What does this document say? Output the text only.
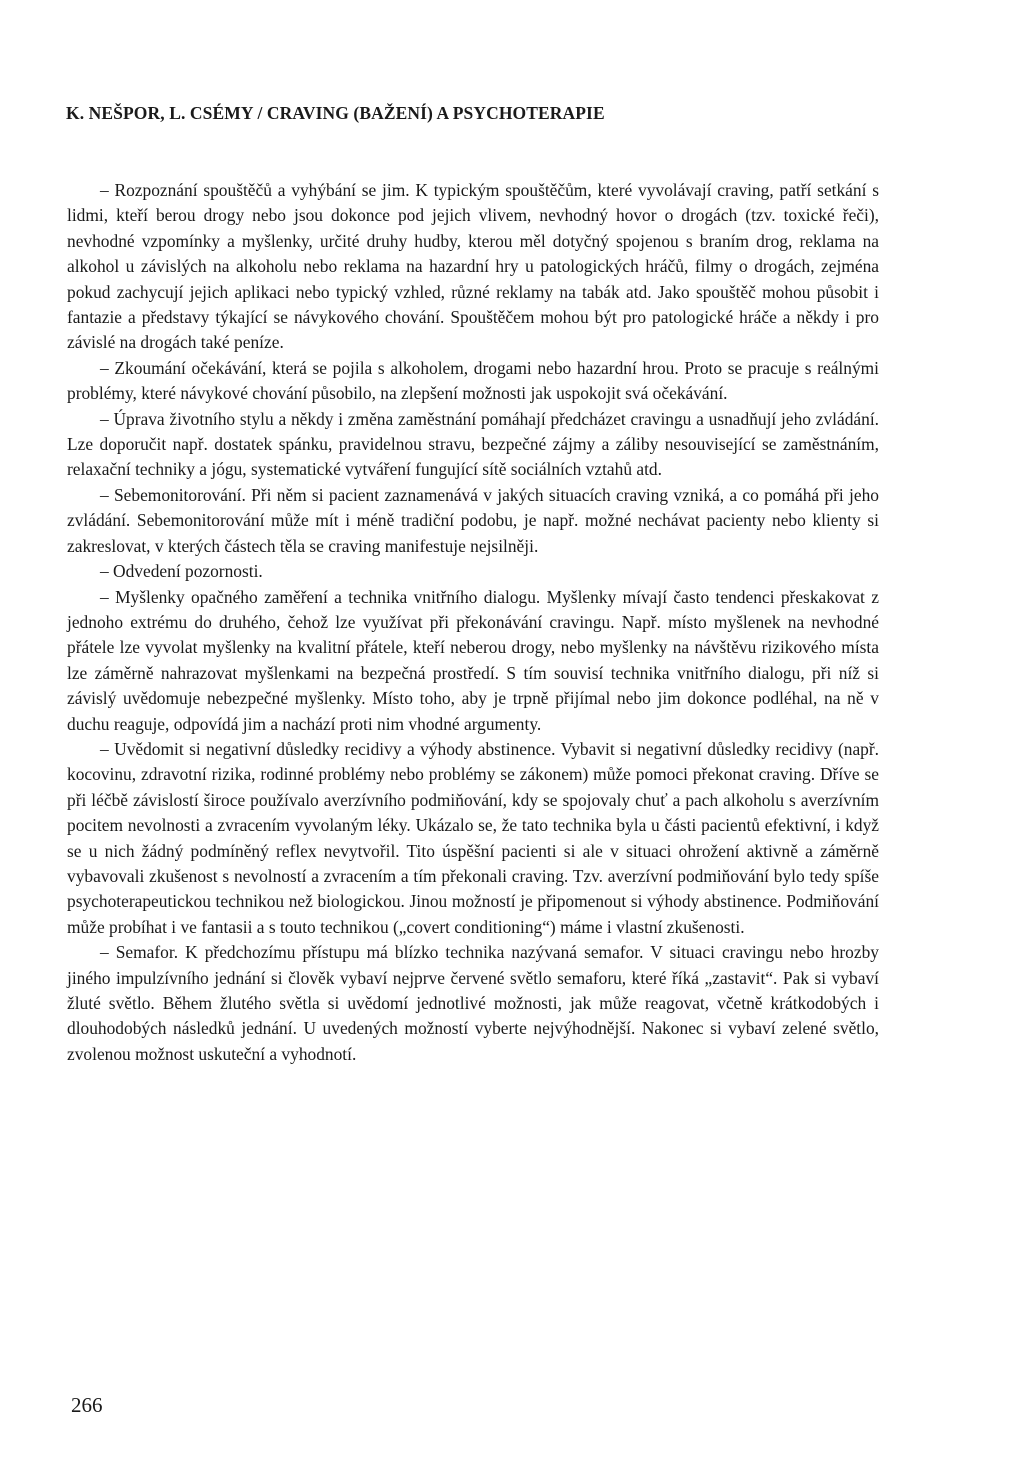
K. NEŠPOR, L. CSÉMY / CRAVING (BAŽENÍ) A PSYCHOTERAPIE

– Rozpoznání spouštěčů a vyhýbání se jim. K typickým spouštěčům, které vyvolávají craving, patří setkání s lidmi, kteří berou drogy nebo jsou dokonce pod jejich vlivem, nevhodný hovor o drogách (tzv. toxické řeči), nevhodné vzpomínky a myšlenky, určité druhy hudby, kterou měl dotyčný spojenou s braním drog, reklama na alkohol u závislých na alkoholu nebo reklama na hazardní hry u patologických hráčů, filmy o drogách, zejména pokud zachycují jejich aplikaci nebo typický vzhled, různé reklamy na tabák atd. Jako spouštěč mohou působit i fantazie a představy týkající se návykového chování. Spouštěčem mohou být pro patologické hráče a někdy i pro závislé na drogách také peníze.

– Zkoumání očekávání, která se pojila s alkoholem, drogami nebo hazardní hrou. Proto se pracuje s reálnými problémy, které návykové chování působilo, na zlepšení možnosti jak uspokojit svá očekávání.

– Úprava životního stylu a někdy i změna zaměstnání pomáhají předcházet cravingu a usnadňují jeho zvládání. Lze doporučit např. dostatek spánku, pravidelnou stravu, bezpečné zájmy a záliby nesouvisející se zaměstnáním, relaxační techniky a jógu, systematické vytváření fungující sítě sociálních vztahů atd.

– Sebemonitorování. Při něm si pacient zaznamenává v jakých situacích craving vzniká, a co pomáhá při jeho zvládání. Sebemonitorování může mít i méně tradiční podobu, je např. možné nechávat pacienty nebo klienty si zakreslovat, v kterých částech těla se craving manifestuje nejsilněji.

– Odvedení pozornosti.

– Myšlenky opačného zaměření a technika vnitřního dialogu. Myšlenky mívají často tendenci přeskakovat z jednoho extrému do druhého, čehož lze využívat při překonávání cravingu. Např. místo myšlenek na nevhodné přátele lze vyvolat myšlenky na kvalitní přátele, kteří neberou drogy, nebo myšlenky na návštěvu rizikového místa lze záměrně nahrazovat myšlenkami na bezpečná prostředí. S tím souvisí technika vnitřního dialogu, při níž si závislý uvědomuje nebezpečné myšlenky. Místo toho, aby je trpně přijímal nebo jim dokonce podléhal, na ně v duchu reaguje, odpovídá jim a nachází proti nim vhodné argumenty.

– Uvědomit si negativní důsledky recidivy a výhody abstinence. Vybavit si negativní důsledky recidivy (např. kocovinu, zdravotní rizika, rodinné problémy nebo problémy se zákonem) může pomoci překonat craving. Dříve se při léčbě závislostí široce používalo averzívního podmiňování, kdy se spojovaly chuť a pach alkoholu s averzívním pocitem nevolnosti a zvracením vyvolaným léky. Ukázalo se, že tato technika byla u části pacientů efektivní, i když se u nich žádný podmíněný reflex nevytvořil. Tito úspěšní pacienti si ale v situaci ohrožení aktivně a záměrně vybavovali zkušenost s nevolností a zvracením a tím překonali craving. Tzv. averzívní podmiňování bylo tedy spíše psychoterapeutickou technikou než biologickou. Jinou možností je připomenout si výhody abstinence. Podmiňování může probíhat i ve fantasii a s touto technikou („covert conditioning“) máme i vlastní zkušenosti.

– Semafor. K předchozímu přístupu má blízko technika nazývaná semafor. V situaci cravingu nebo hrozby jiného impulzívního jednání si člověk vybaví nejprve červené světlo semaforu, které říká „zastavit“. Pak si vybaví žluté světlo. Během žlutého světla si uvědomí jednotlivé možnosti, jak může reagovat, včetně krátkodobých i dlouhodobých následků jednání. U uvedených možností vyberte nejvýhodnější. Nakonec si vybaví zelené světlo, zvolenou možnost uskuteční a vyhodnotí.

266
